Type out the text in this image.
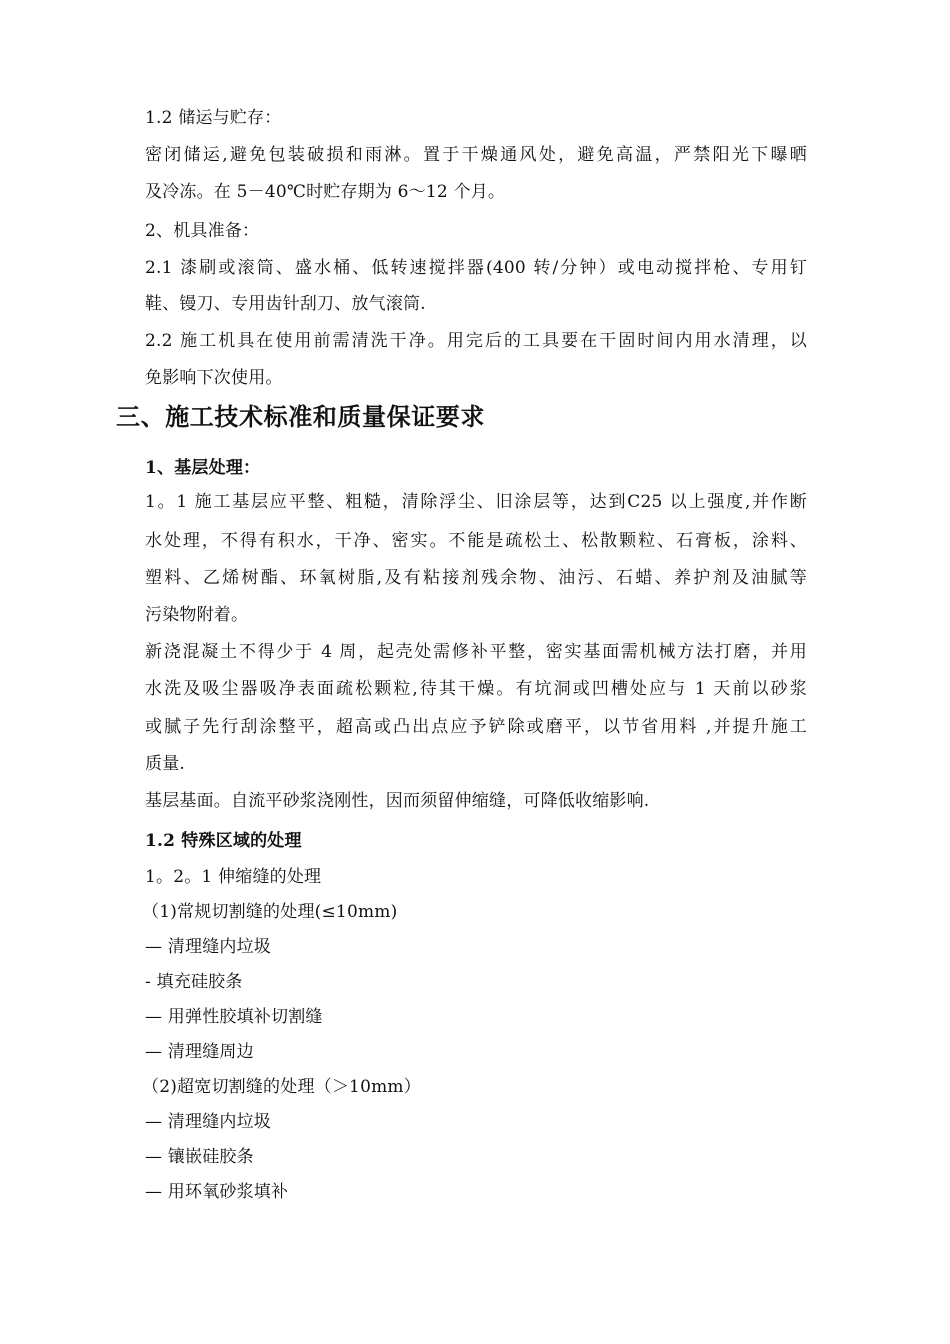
1.2 储运与贮存：
密闭储运,避免包装破损和雨淋。置于干燥通风处，避免高温，严禁阳光下曝晒
及冷冻。在 5－40℃时贮存期为 6～12 个月。
2、机具准备：
2.1 漆刷或滚筒、盛水桶、低转速搅拌器(400 转/分钟）或电动搅拌枪、专用钉
鞋、镘刀、专用齿针刮刀、放气滚筒.
2.2 施工机具在使用前需清洗干净。用完后的工具要在干固时间内用水清理，以
免影响下次使用。
三、施工技术标准和质量保证要求
1、基层处理：
1。1 施工基层应平整、粗糙，清除浮尘、旧涂层等，达到C25 以上强度,并作断
水处理，不得有积水，干净、密实。不能是疏松土、松散颗粒、石膏板，涂料、
塑料、乙烯树酯、环氧树脂,及有粘接剂残余物、油污、石蜡、养护剂及油腻等
污染物附着。
新浇混凝土不得少于 4 周，起壳处需修补平整，密实基面需机械方法打磨，并用
水洗及吸尘器吸净表面疏松颗粒,待其干燥。有坑洞或凹槽处应与 1 天前以砂浆
或腻子先行刮涂整平，超高或凸出点应予铲除或磨平，以节省用料 ,并提升施工
质量.
基层基面。自流平砂浆浇刚性，因而须留伸缩缝，可降低收缩影响.
1.2 特殊区域的处理
1。2。1 伸缩缝的处理
（1)常规切割缝的处理(≤10mm)
— 清理缝内垃圾
- 填充硅胶条
— 用弹性胶填补切割缝
— 清理缝周边
（2)超宽切割缝的处理（＞10mm）
— 清理缝内垃圾
— 镶嵌硅胶条
— 用环氧砂浆填补
